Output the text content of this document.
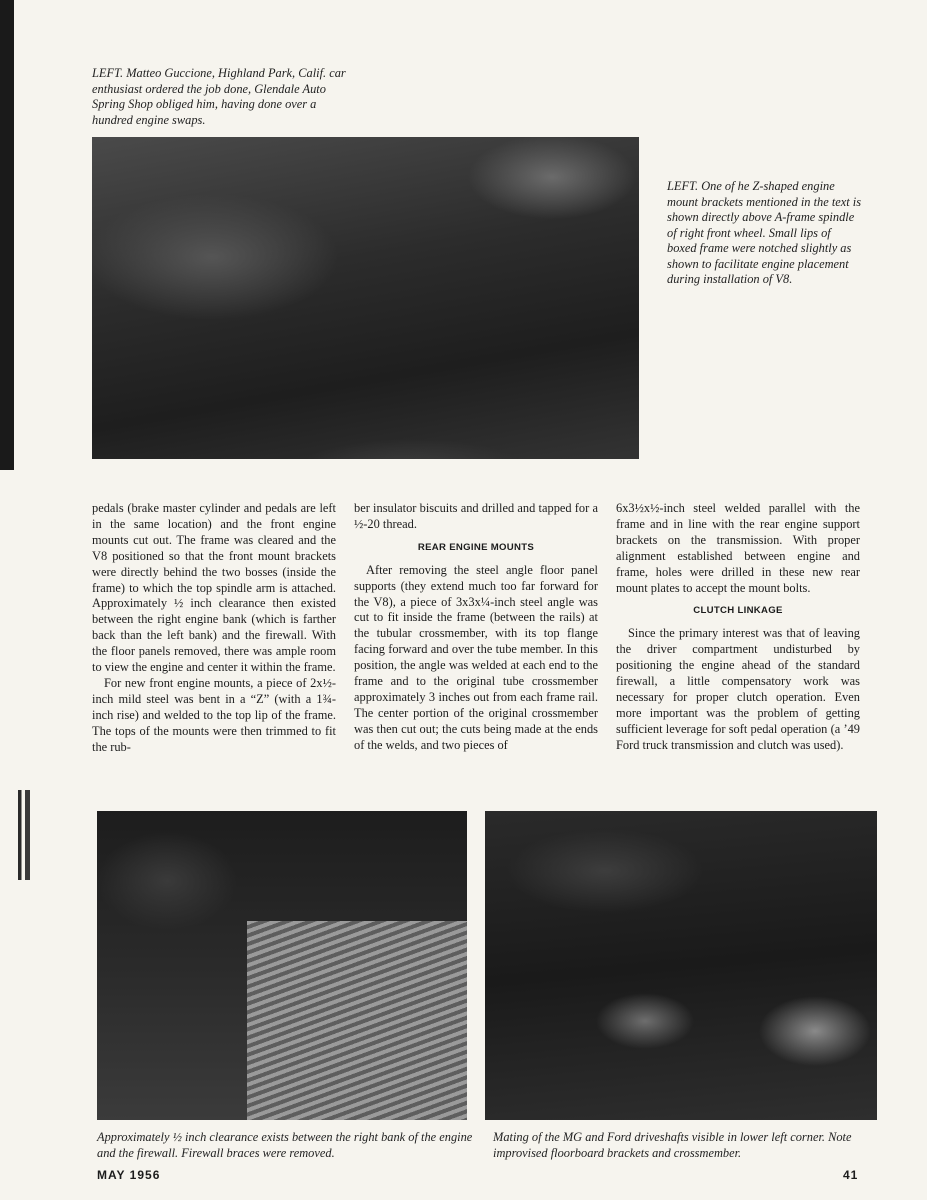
LEFT. Matteo Guccione, Highland Park, Calif. car enthusiast ordered the job done, Glendale Auto Spring Shop obliged him, having done over a hundred engine swaps.
LEFT. One of he Z-shaped engine mount brackets mentioned in the text is shown directly above A-frame spindle of right front wheel. Small lips of boxed frame were notched slightly as shown to facilitate engine placement during installation of V8.

pedals (brake master cylinder and pedals are left in the same location) and the front engine mounts cut out. The frame was cleared and the V8 positioned so that the front mount brackets were directly behind the two bosses (inside the frame) to which the top spindle arm is attached. Approximately ½ inch clearance then existed between the right engine bank (which is farther back than the left bank) and the firewall. With the floor panels removed, there was ample room to view the engine and center it within the frame.

For new front engine mounts, a piece of 2x½-inch mild steel was bent in a “Z” (with a 1¾-inch rise) and welded to the top lip of the frame. The tops of the mounts were then trimmed to fit the rub-

ber insulator biscuits and drilled and tapped for a ½-20 thread.

REAR ENGINE MOUNTS

After removing the steel angle floor panel supports (they extend much too far forward for the V8), a piece of 3x3x¼-inch steel angle was cut to fit inside the frame (between the rails) at the tubular crossmember, with its top flange facing forward and over the tube member. In this position, the angle was welded at each end to the frame and to the original tube crossmember approximately 3 inches out from each frame rail. The center portion of the original crossmember was then cut out; the cuts being made at the ends of the welds, and two pieces of

6x3½x½-inch steel welded parallel with the frame and in line with the rear engine support brackets on the transmission. With proper alignment established between engine and frame, holes were drilled in these new rear mount plates to accept the mount bolts.

CLUTCH LINKAGE

Since the primary interest was that of leaving the driver compartment undisturbed by positioning the engine ahead of the standard firewall, a little compensatory work was necessary for proper clutch operation. Even more important was the problem of getting sufficient leverage for soft pedal operation (a ’49 Ford truck transmission and clutch was used).

Approximately ½ inch clearance exists between the right bank of the engine and the firewall. Firewall braces were removed.
Mating of the MG and Ford driveshafts visible in lower left corner. Note improvised floorboard brackets and crossmember.
MAY 1956	41
